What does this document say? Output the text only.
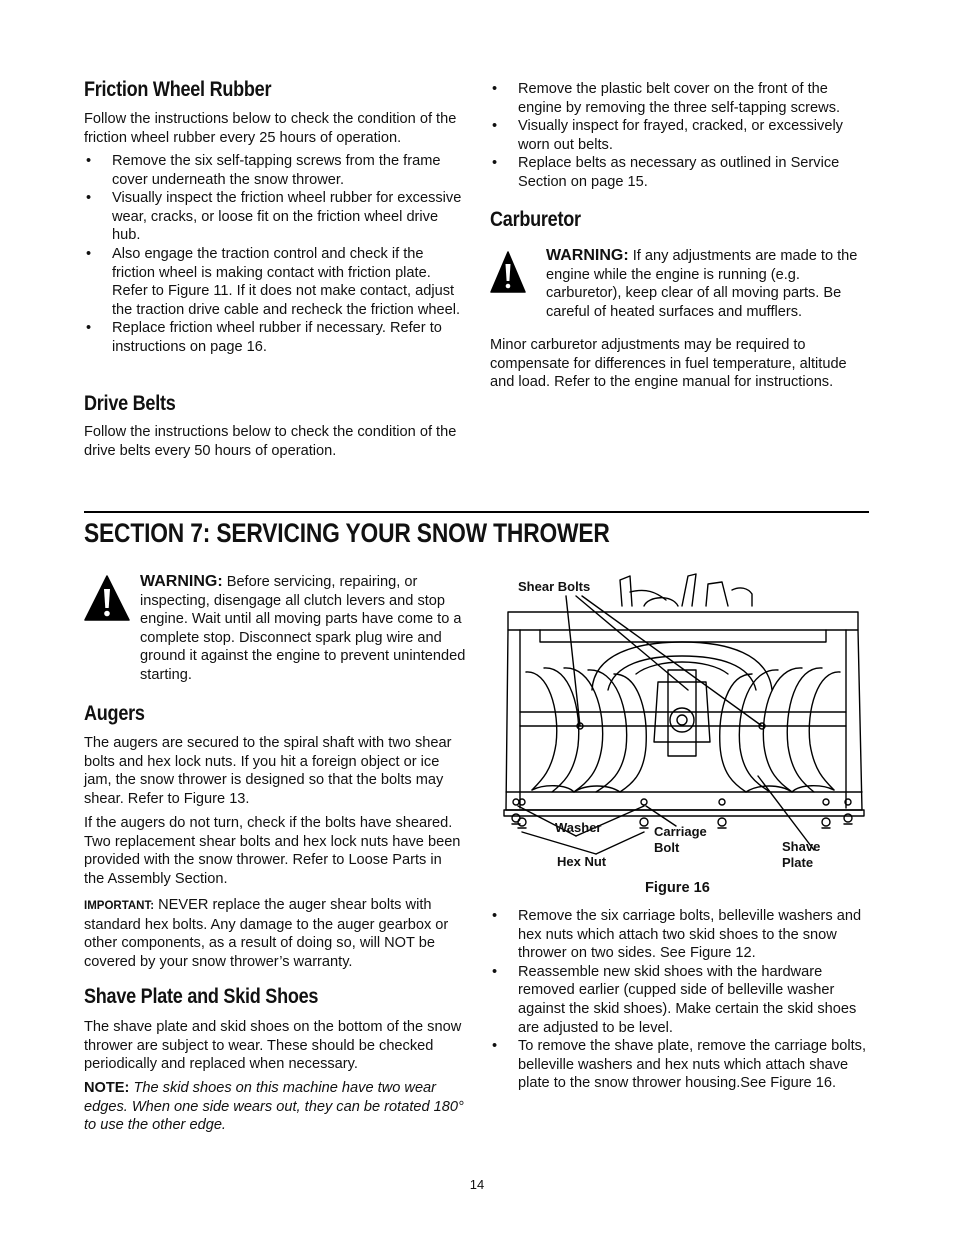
Friction Wheel Rubber

Follow the instructions below to check the condition of the friction wheel rubber every 25 hours of operation.

• Remove the six self-tapping screws from the frame cover underneath the snow thrower.
• Visually inspect the friction wheel rubber for excessive wear, cracks, or loose fit on the friction wheel drive hub.
• Also engage the traction control and check if the friction wheel is making contact with friction plate. Refer to Figure 11. If it does not make contact, adjust the traction drive cable and recheck the friction wheel.
• Replace friction wheel rubber if necessary. Refer to instructions on page 16.
Drive Belts

Follow the instructions below to check the condition of the drive belts every 50 hours of operation.

• Remove the plastic belt cover on the front of the engine by removing the three self-tapping screws.
• Visually inspect for frayed, cracked, or excessively worn out belts.
• Replace belts as necessary as outlined in Service Section on page 15.
Carburetor

WARNING: If any adjustments are made to the engine while the engine is running (e.g. carburetor), keep clear of all moving parts. Be careful of heated surfaces and mufflers.

Minor carburetor adjustments may be required to compensate for differences in fuel temperature, altitude and load. Refer to the engine manual for instructions.

SECTION 7: SERVICING YOUR SNOW THROWER

WARNING: Before servicing, repairing, or inspecting, disengage all clutch levers and stop engine. Wait until all moving parts have come to a complete stop. Disconnect spark plug wire and ground it against the engine to prevent unintended starting.

Augers

The augers are secured to the spiral shaft with two shear bolts and hex lock nuts. If you hit a foreign object or ice jam, the snow thrower is designed so that the bolts may shear. Refer to Figure 13.

If the augers do not turn, check if the bolts have sheared. Two replacement shear bolts and hex lock nuts have been provided with the snow thrower. Refer to Loose Parts in the Assembly Section.

IMPORTANT: NEVER replace the auger shear bolts with standard hex bolts. Any damage to the auger gearbox or other components, as a result of doing so, will NOT be covered by your snow thrower’s warranty.

Shave Plate and Skid Shoes

The shave plate and skid shoes on the bottom of the snow thrower are subject to wear. These should be checked periodically and replaced when necessary.

NOTE: The skid shoes on this machine have two wear edges. When one side wears out, they can be rotated 180° to use the other edge.

Shear Bolts
Washer
Hex Nut
Carriage
Bolt	Shave
Plate
Figure 16
• Remove the six carriage bolts, belleville washers and hex nuts which attach two skid shoes to the snow thrower on two sides. See Figure 12.
• Reassemble new skid shoes with the hardware removed earlier (cupped side of belleville washer against the skid shoes). Make certain the skid shoes are adjusted to be level.
• To remove the shave plate, remove the carriage bolts, belleville washers and hex nuts which attach shave plate to the snow thrower housing.See Figure 16.
14
